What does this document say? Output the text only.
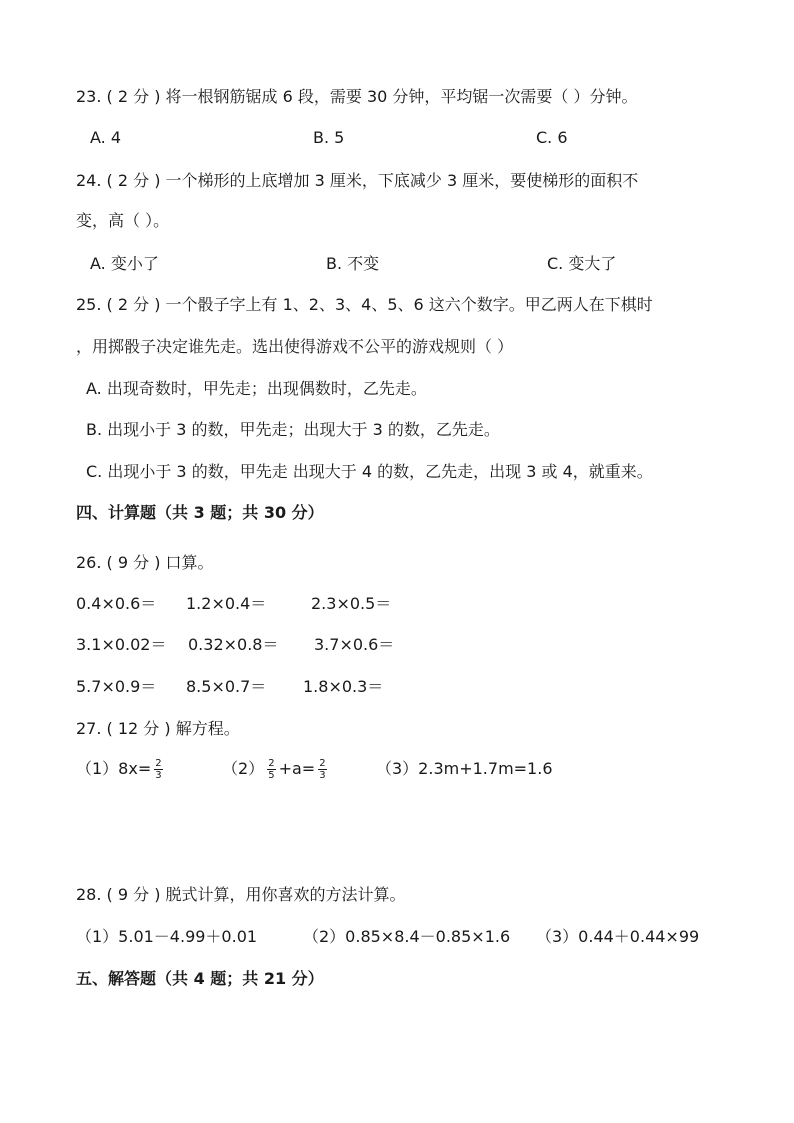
23. ( 2 分 ) 将一根钢筋锯成 6 段，需要 30 分钟，平均锯一次需要（ ）分钟。
A. 4	B. 5	C. 6
24. ( 2 分 ) 一个梯形的上底增加 3 厘米，下底减少 3 厘米，要使梯形的面积不
变，高（ ）。
A. 变小了	B. 不变	C. 变大了
25. ( 2 分 ) 一个骰子字上有 1、2、3、4、5、6 这六个数字。甲乙两人在下棋时
，用掷骰子决定谁先走。选出使得游戏不公平的游戏规则（ ）
A. 出现奇数时，甲先走；出现偶数时，乙先走。
B. 出现小于 3 的数，甲先走；出现大于 3 的数，乙先走。
C. 出现小于 3 的数，甲先走 出现大于 4 的数，乙先走，出现 3 或 4，就重来。
四、计算题（共 3 题；共 30 分）
26. ( 9 分 ) 口算。
0.4×0.6＝ 1.2×0.4＝	2.3×0.5＝
3.1×0.02＝ 0.32×0.8＝ 3.7×0.6＝
5.7×0.9＝ 8.5×0.7＝ 1.8×0.3＝
27. ( 12 分 ) 解方程。
$(1)8x= \frac{2}{3}$	$(2) \frac{2}{5} +a= \frac{2}{3}$	（3）2.3m+1.7m=1.6
28. ( 9 分 ) 脱式计算，用你喜欢的方法计算。
（1）5.01－4.99＋0.01	（2）0.85×8.4－0.85×1.6 （3）0.44＋0.44×99
五、解答题（共 4 题；共 21 分）
